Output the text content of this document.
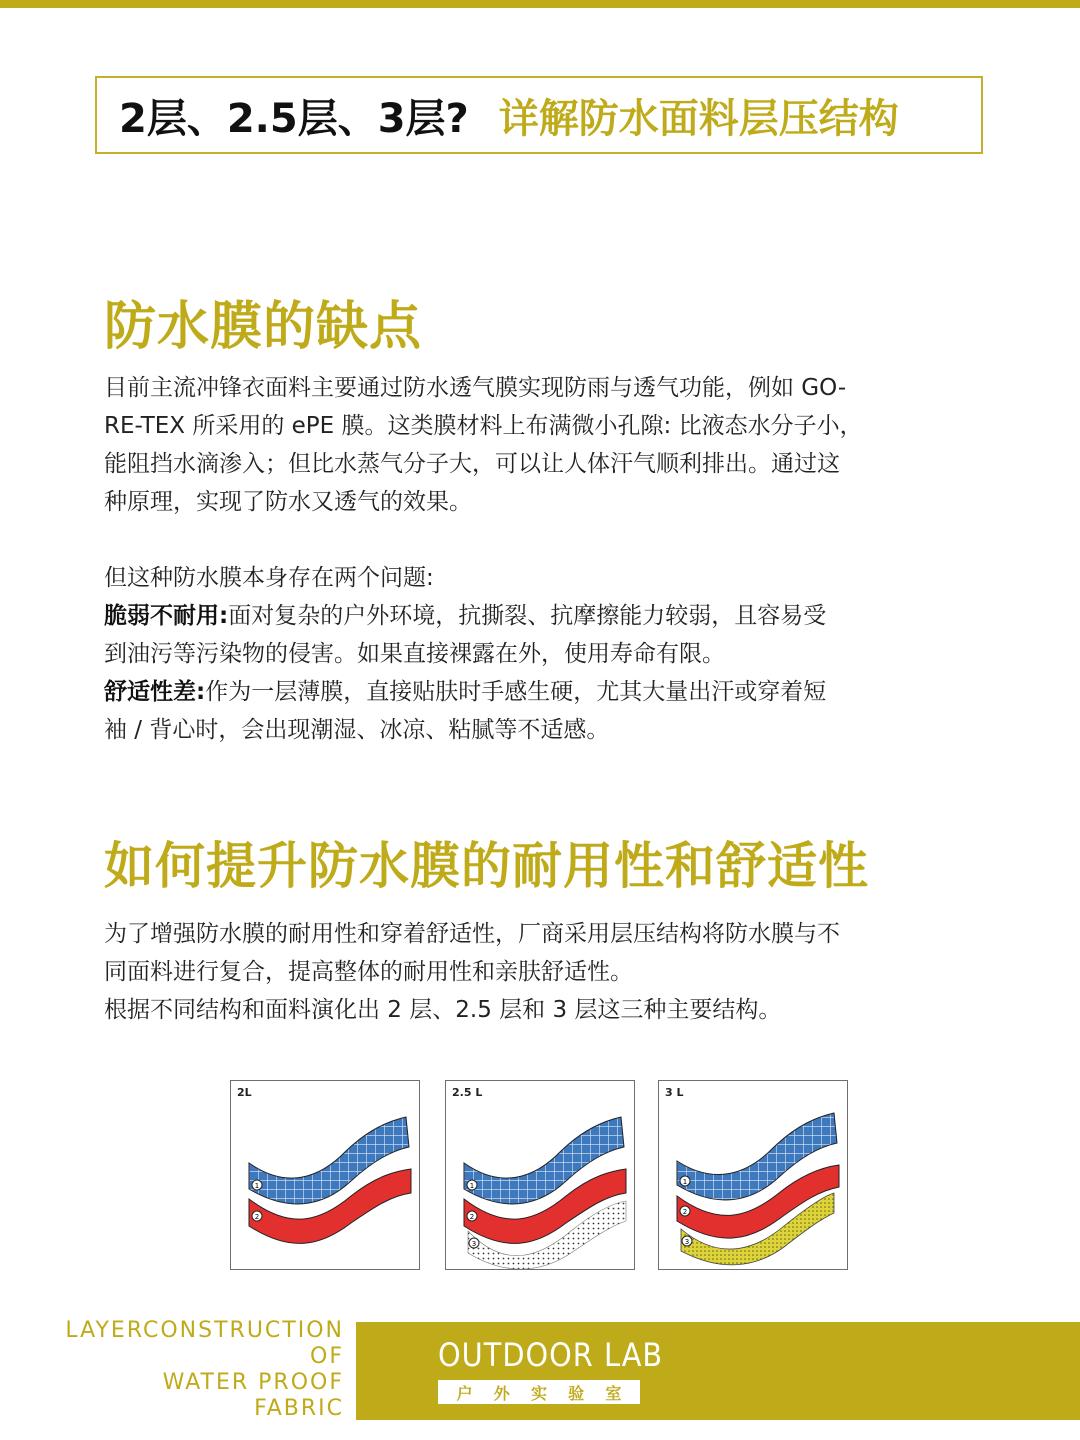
2层、2.5层、3层? 详解防水面料层压结构
防水膜的缺点
目前主流冲锋衣面料主要通过防水透气膜实现防雨与透气功能，例如 GO-
RE-TEX 所采用的 ePE 膜。这类膜材料上布满微小孔隙: 比液态水分子小，
能阻挡水滴渗入；但比水蒸气分子大，可以让人体汗气顺利排出。通过这
种原理，实现了防水又透气的效果。
但这种防水膜本身存在两个问题:
脆弱不耐用:面对复杂的户外环境，抗撕裂、抗摩擦能力较弱，且容易受
到油污等污染物的侵害。如果直接裸露在外，使用寿命有限。
舒适性差:作为一层薄膜，直接贴肤时手感生硬，尤其大量出汗或穿着短
袖 / 背心时，会出现潮湿、冰凉、粘腻等不适感。
如何提升防水膜的耐用性和舒适性
为了增强防水膜的耐用性和穿着舒适性，厂商采用层压结构将防水膜与不
同面料进行复合，提高整体的耐用性和亲肤舒适性。
根据不同结构和面料演化出 2 层、2.5 层和 3 层这三种主要结构。
2L
1
2
2.5 L
1
2
3
3 L
1
2
3
LAYERCONSTRUCTION
OF
WATER PROOF
FABRIC
OUTDOOR LAB
户 外 实 验 室
